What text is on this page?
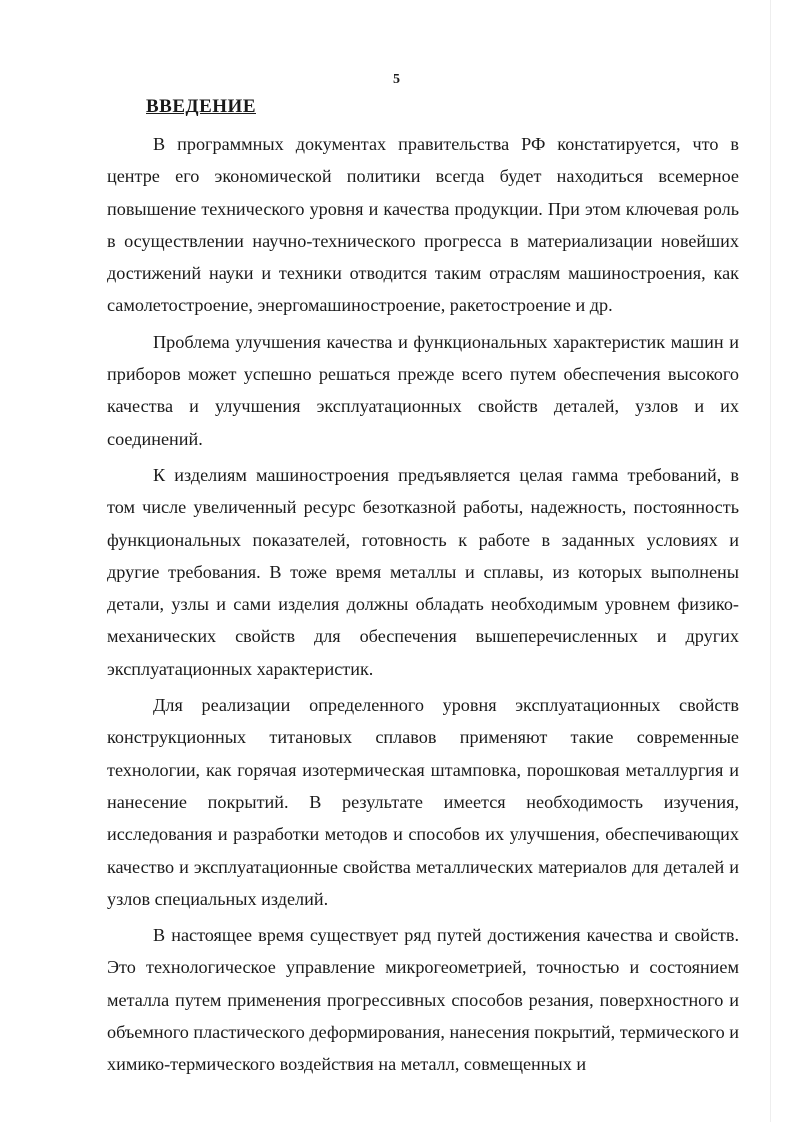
5
ВВЕДЕНИЕ

В программных документах правительства РФ констатируется, что в центре его экономической политики всегда будет находиться всемерное повышение технического уровня и качества продукции. При этом ключевая роль в осуществлении научно-технического прогресса в материализации новейших достижений науки и техники отводится таким отраслям машиностроения, как самолетостроение, энергомашиностроение, ракетостроение и др.

Проблема улучшения качества и функциональных характеристик машин и приборов может успешно решаться прежде всего путем обеспечения высокого качества и улучшения эксплуатационных свойств деталей, узлов и их соединений.

К изделиям машиностроения предъявляется целая гамма требований, в том числе увеличенный ресурс безотказной работы, надежность, постоянность функциональных показателей, готовность к работе в заданных условиях и другие требования. В тоже время металлы и сплавы, из которых выполнены детали, узлы и сами изделия должны обладать необходимым уровнем физико-механических свойств для обеспечения вышеперечисленных и других эксплуатационных характеристик.

Для реализации определенного уровня эксплуатационных свойств конструкционных титановых сплавов применяют такие современные технологии, как горячая изотермическая штамповка, порошковая металлургия и нанесение покрытий. В результате имеется необходимость изучения, исследования и разработки методов и способов их улучшения, обеспечивающих качество и эксплуатационные свойства металлических материалов для деталей и узлов специальных изделий.

В настоящее время существует ряд путей достижения качества и свойств. Это технологическое управление микрогеометрией, точностью и состоянием металла путем применения прогрессивных способов резания, поверхностного и объемного пластического деформирования, нанесения покрытий, термического и химико-термического воздействия на металл, совмещенных и
